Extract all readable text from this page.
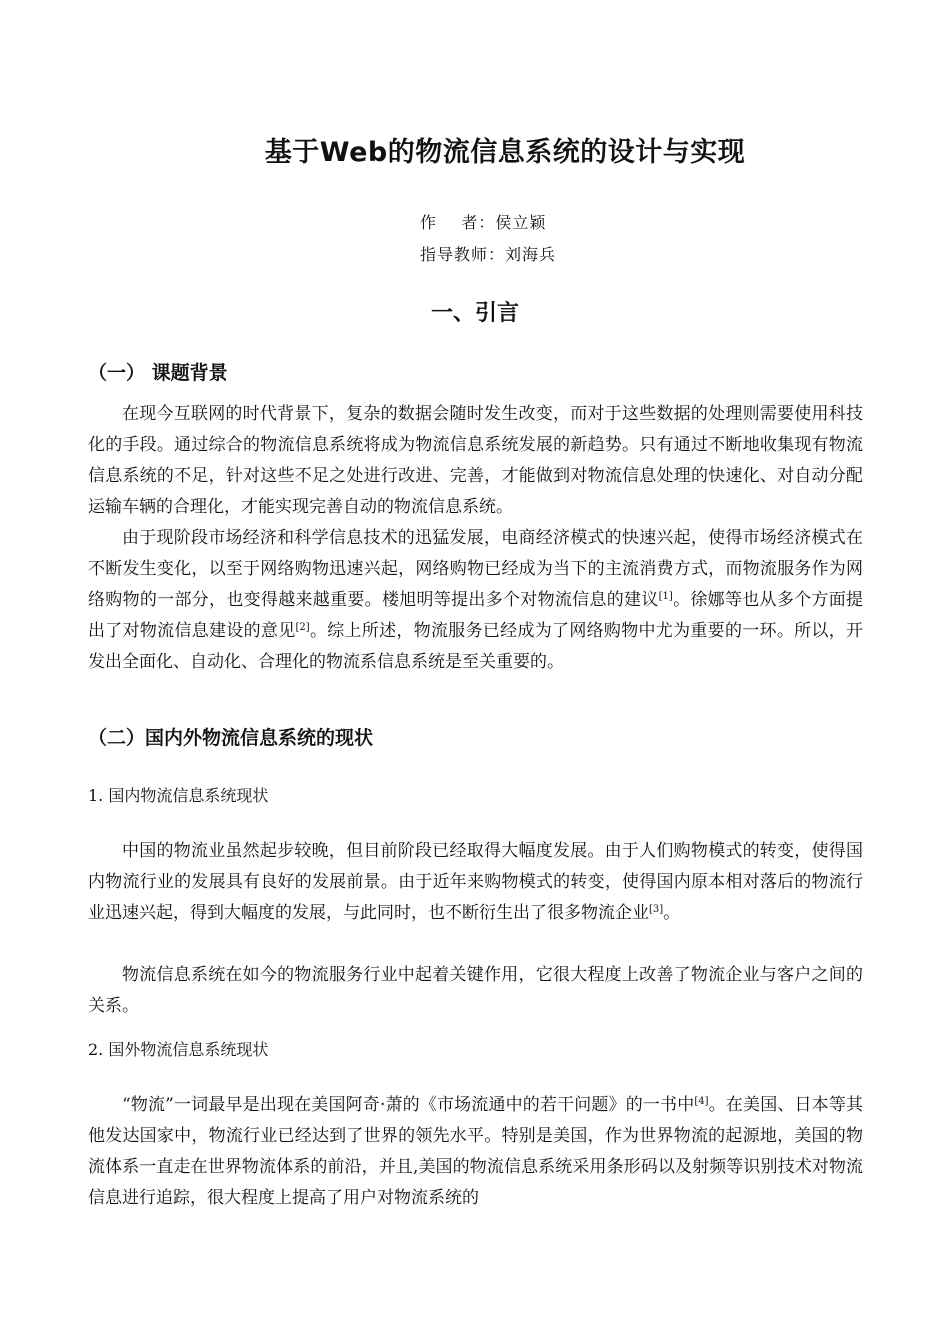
基于Web的物流信息系统的设计与实现
作    者：侯立颖
指导教师：刘海兵
一、引言
（一） 课题背景

在现今互联网的时代背景下，复杂的数据会随时发生改变，而对于这些数据的处理则需要使用科技化的手段。通过综合的物流信息系统将成为物流信息系统发展的新趋势。只有通过不断地收集现有物流信息系统的不足，针对这些不足之处进行改进、完善，才能做到对物流信息处理的快速化、对自动分配运输车辆的合理化，才能实现完善自动的物流信息系统。

由于现阶段市场经济和科学信息技术的迅猛发展，电商经济模式的快速兴起，使得市场经济模式在不断发生变化，以至于网络购物迅速兴起，网络购物已经成为当下的主流消费方式，而物流服务作为网络购物的一部分，也变得越来越重要。楼旭明等提出多个对物流信息的建议[1]。徐娜等也从多个方面提出了对物流信息建设的意见[2]。综上所述，物流服务已经成为了网络购物中尤为重要的一环。所以，开发出全面化、自动化、合理化的物流系信息系统是至关重要的。

（二）国内外物流信息系统的现状
1. 国内物流信息系统现状

中国的物流业虽然起步较晚，但目前阶段已经取得大幅度发展。由于人们购物模式的转变，使得国内物流行业的发展具有良好的发展前景。由于近年来购物模式的转变，使得国内原本相对落后的物流行业迅速兴起，得到大幅度的发展，与此同时，也不断衍生出了很多物流企业[3]。

物流信息系统在如今的物流服务行业中起着关键作用，它很大程度上改善了物流企业与客户之间的关系。

2. 国外物流信息系统现状

“物流”一词最早是出现在美国阿奇·萧的《市场流通中的若干问题》的一书中[4]。在美国、日本等其他发达国家中，物流行业已经达到了世界的领先水平。特别是美国，作为世界物流的起源地，美国的物流体系一直走在世界物流体系的前沿，并且,美国的物流信息系统采用条形码以及射频等识别技术对物流信息进行追踪，很大程度上提高了用户对物流系统的
